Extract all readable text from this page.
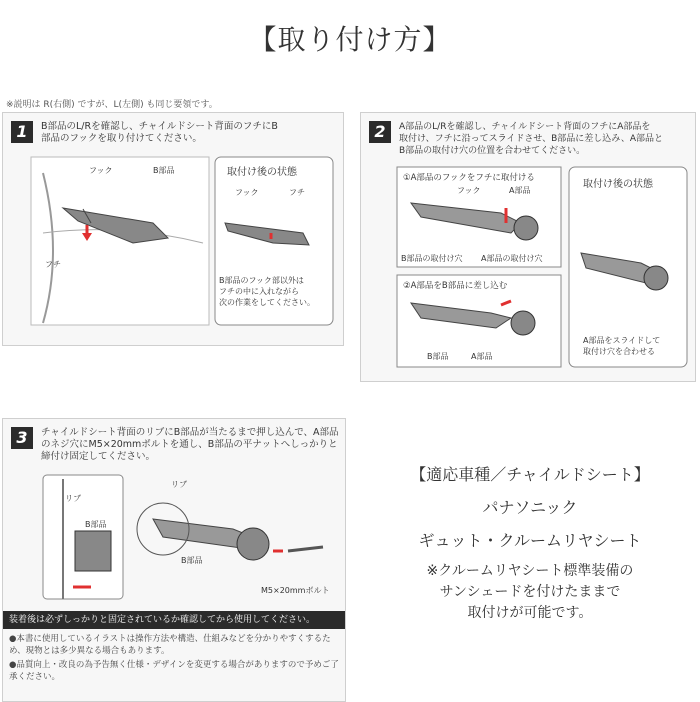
【取り付け方】
※説明は R(右側) ですが、L(左側) も同じ要領です。
1	B部品のL/Rを確認し、チャイルドシート背面のフチにB
部品のフックを取り付けてください。
フック	B部品
フチ
取付け後の状態
フック	フチ
B部品のフック部以外は
フチの中に入れながら
次の作業をしてください。
2	A部品のL/Rを確認し、チャイルドシート背面のフチにA部品を
取付け、フチに沿ってスライドさせ、B部品に差し込み、A部品と
B部品の取付け穴の位置を合わせてください。
①A部品のフックをフチに取付ける
フック	A部品
B部品の取付け穴 A部品の取付け穴
②A部品をB部品に差し込む
B部品	A部品
取付け後の状態
A部品をスライドして
取付け穴を合わせる
3	チャイルドシート背面のリブにB部品が当たるまで押し込んで、A部品のネジ穴にM5×20mmボルトを通し、B部品の平ナットへしっかりと締付け固定してください。
リブ
B部品
リブ
B部品
M5×20mmボルト
装着後は必ずしっかりと固定されているか確認してから使用してください。
●本書に使用しているイラストは操作方法や構造、仕組みなどを分かりやすくするため、現物とは多少異なる場合もあります。
●品質向上・改良の為予告無く仕様・デザインを変更する場合がありますので予めご了承ください。
【適応車種／チャイルドシート】
パナソニック
ギュット・クルームリヤシート
※クルームリヤシート標準装備の
サンシェードを付けたままで
取付けが可能です。
